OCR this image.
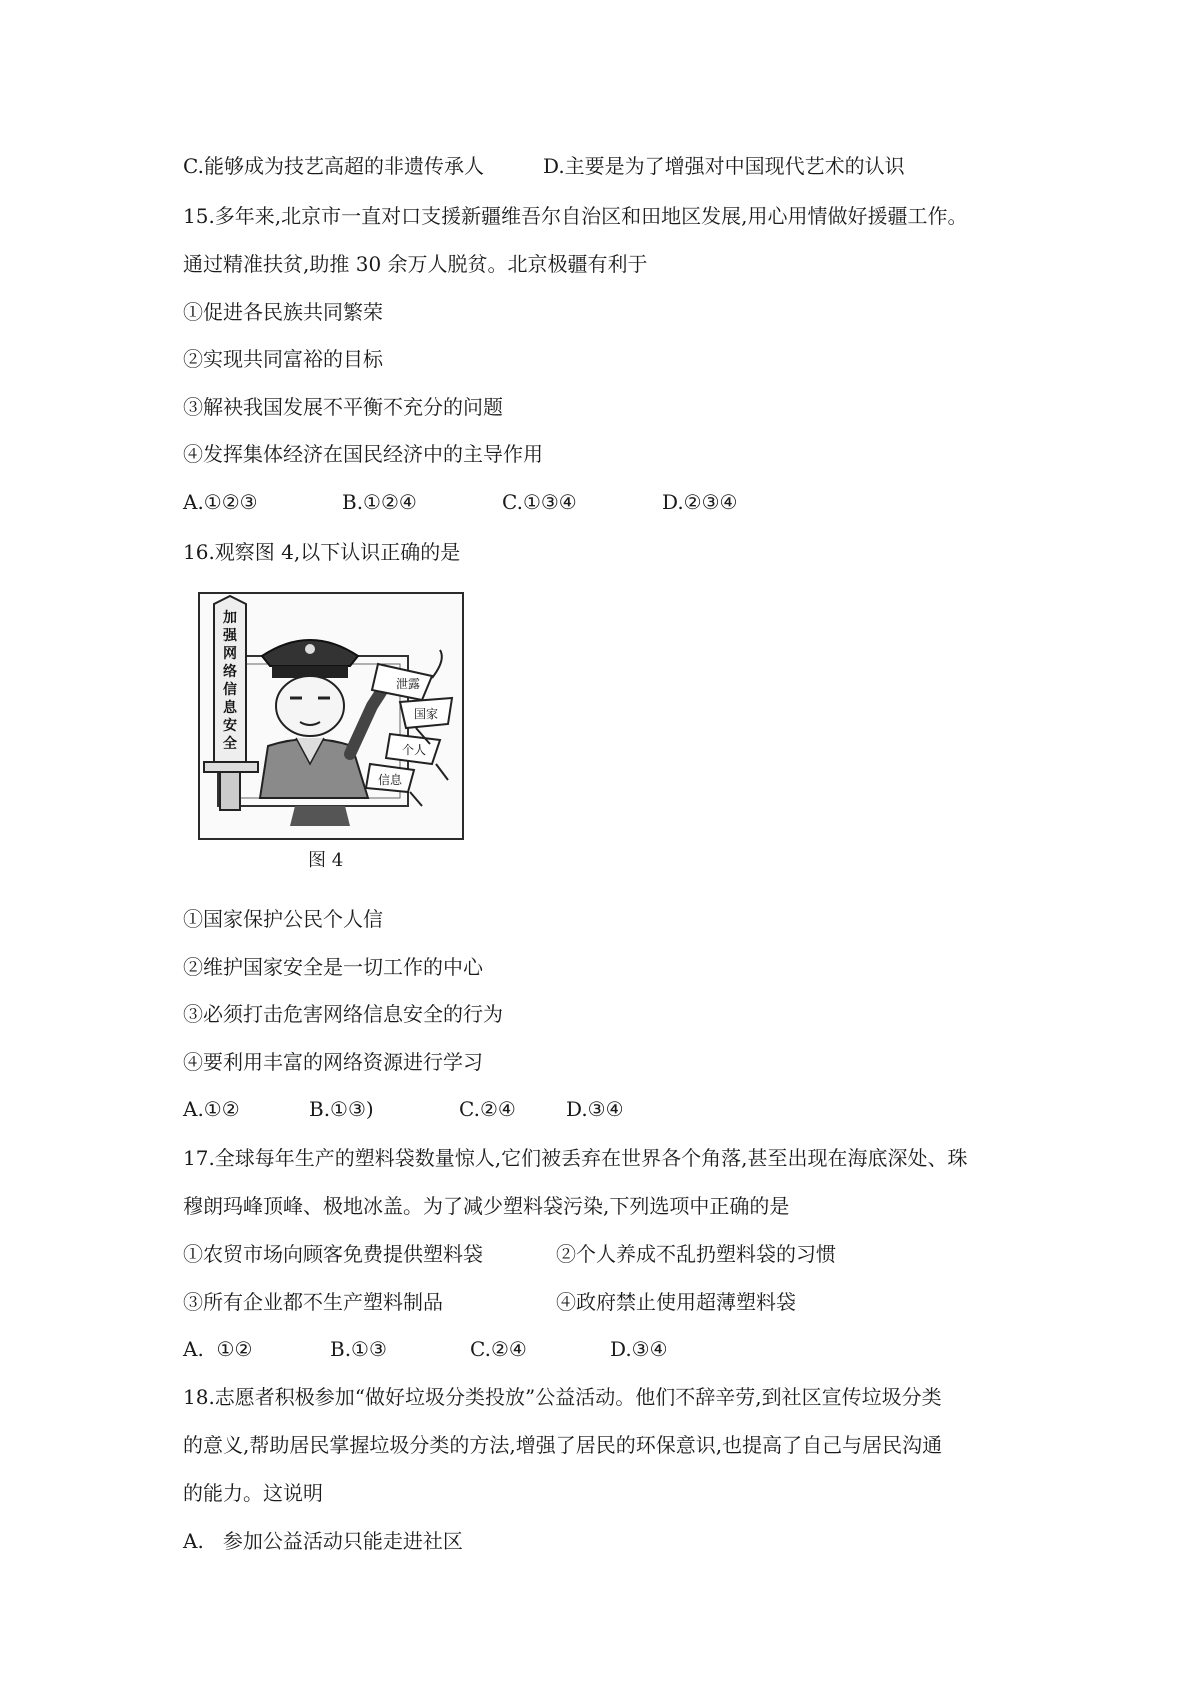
C.能够成为技艺高超的非遗传承人	D.主要是为了增强对中国现代艺术的认识
15.多年来,北京市一直对口支援新疆维吾尔自治区和田地区发展,用心用情做好援疆工作。
通过精准扶贫,助推 30 余万人脱贫。北京极疆有利于
①促进各民族共同繁荣
②实现共同富裕的目标
③解袂我国发展不平衡不充分的问题
④发挥集体经济在国民经济中的主导作用
A.①②③	B.①②④	C.①③④	D.②③④
16.观察图 4,以下认识正确的是
加 强 网 络 信 息 安 全
泄露
国家
个人
信息
图 4
①国家保护公民个人信
②维护国家安全是一切工作的中心
③必须打击危害网络信息安全的行为
④要利用丰富的网络资源进行学习
A.①②	B.①③)	C.②④	D.③④
17.全球每年生产的塑料袋数量惊人,它们被丢弃在世界各个角落,甚至出现在海底深处、珠
穆朗玛峰顶峰、极地冰盖。为了减少塑料袋污染,下列选项中正确的是
①农贸市场向顾客免费提供塑料袋	②个人养成不乱扔塑料袋的习惯
③所有企业都不生产塑料制品	④政府禁止使用超薄塑料袋
A.  ①②	B.①③	C.②④	D.③④
18.志愿者积极参加“做好垃圾分类投放”公益活动。他们不辞辛劳,到社区宣传垃圾分类
的意义,帮助居民掌握垃圾分类的方法,增强了居民的环保意识,也提高了自己与居民沟通
的能力。这说明
A.   参加公益活动只能走进社区
